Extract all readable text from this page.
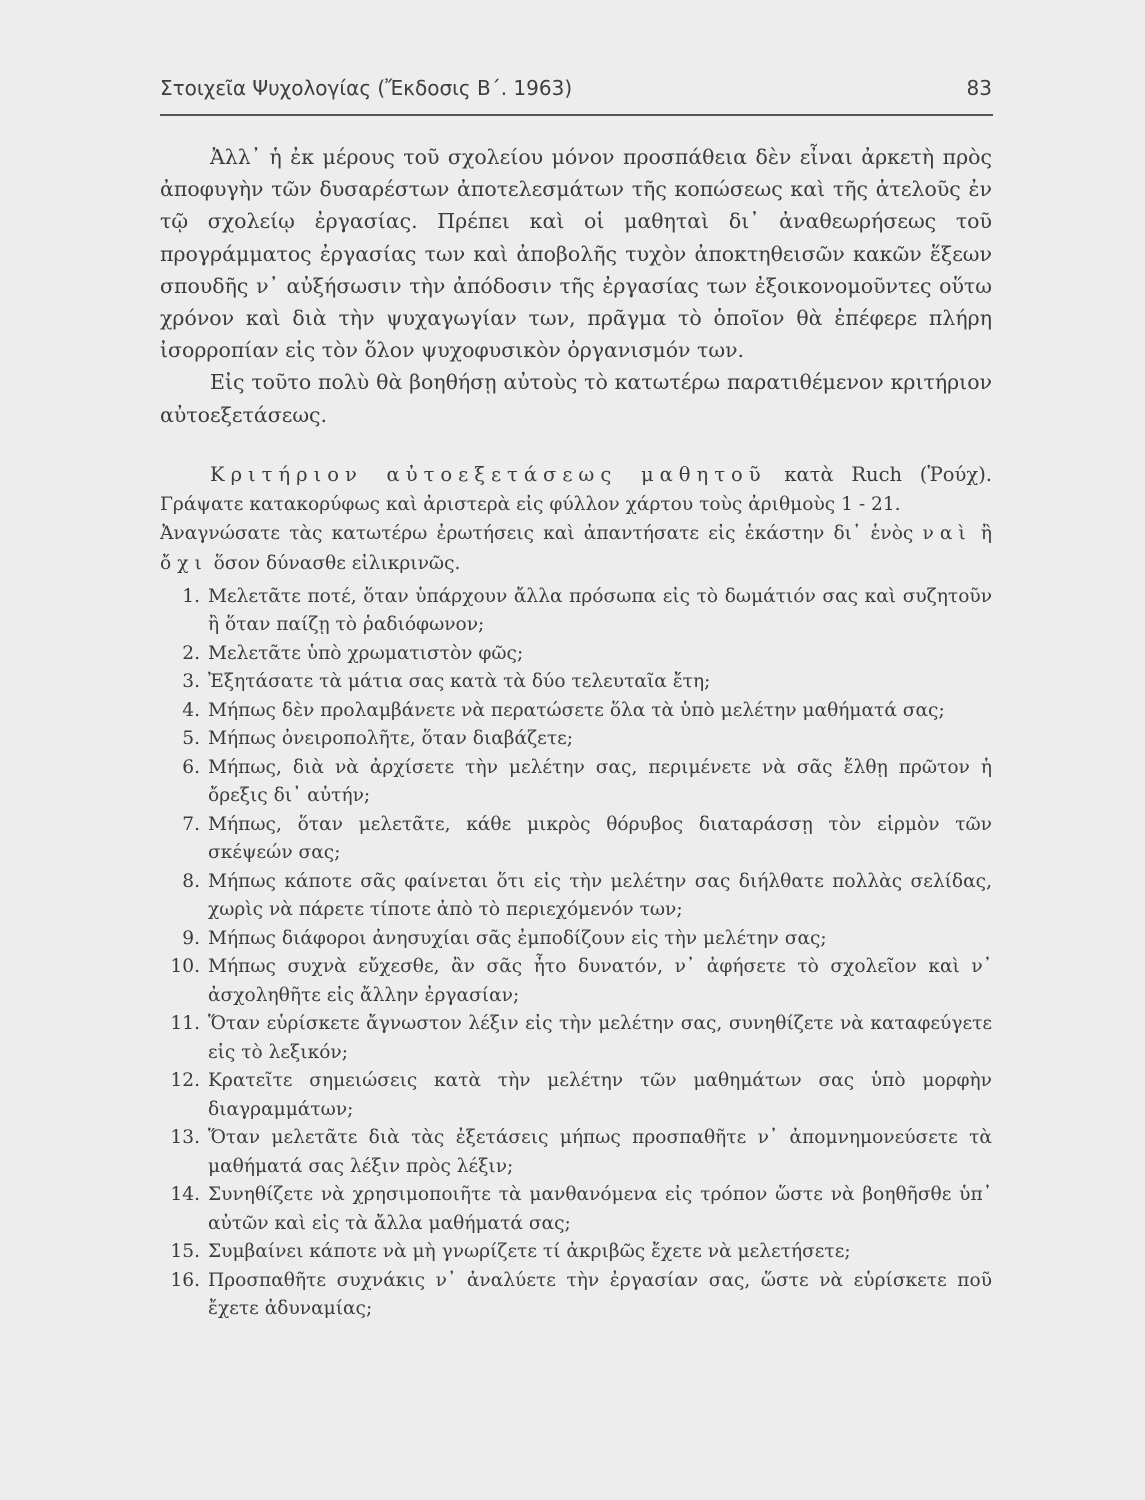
Στοιχεῖα Ψυχολογίας (Ἔκδοσις Β΄. 1963)	83

Ἀλλ᾽ ἡ ἐκ μέρους τοῦ σχολείου μόνον προσπάθεια δὲν εἶναι ἀρκετὴ πρὸς ἀποφυγὴν τῶν δυσαρέστων ἀποτελεσμάτων τῆς κοπώσεως καὶ τῆς ἀτελοῦς ἐν τῷ σχολείῳ ἐργασίας. Πρέπει καὶ οἱ μαθηταὶ δι᾽ ἀναθεωρήσεως τοῦ προγράμματος ἐργασίας των καὶ ἀποβολῆς τυχὸν ἀποκτηθεισῶν κακῶν ἕξεων σπουδῆς ν᾽ αὐξήσωσιν τὴν ἀπόδοσιν τῆς ἐργασίας των ἐξοικονομοῦντες οὕτω χρόνον καὶ διὰ τὴν ψυχαγωγίαν των, πρᾶγμα τὸ ὁποῖον θὰ ἐπέφερε πλήρη ἰσορροπίαν εἰς τὸν ὅλον ψυχοφυσικὸν ὀργανισμόν των.

Εἰς τοῦτο πολὺ θὰ βοηθήσῃ αὐτοὺς τὸ κατωτέρω παρατιθέμενον κριτήριον αὐτοεξετάσεως.

Κριτήριον αὐτοεξετάσεως μαθητοῦ κατὰ Ruch (Ῥούχ).

Γράψατε κατακορύφως καὶ ἀριστερὰ εἰς φύλλον χάρτου τοὺς ἀριθμοὺς 1 - 21.

Ἀναγνώσατε τὰς κατωτέρω ἐρωτήσεις καὶ ἀπαντήσατε εἰς ἑκάστην δι᾽ ἑνὸς ναὶ ἢ ὄχι ὅσον δύνασθε εἰλικρινῶς.

1. Μελετᾶτε ποτέ, ὅταν ὑπάρχουν ἄλλα πρόσωπα εἰς τὸ δωμάτιόν σας καὶ συζητοῦν ἢ ὅταν παίζῃ τὸ ῥαδιόφωνον;
2. Μελετᾶτε ὑπὸ χρωματιστὸν φῶς;
3. Ἐξητάσατε τὰ μάτια σας κατὰ τὰ δύο τελευταῖα ἔτη;
4. Μήπως δὲν προλαμβάνετε νὰ περατώσετε ὅλα τὰ ὑπὸ μελέτην μαθήματά σας;
5. Μήπως ὀνειροπολῆτε, ὅταν διαβάζετε;
6. Μήπως, διὰ νὰ ἀρχίσετε τὴν μελέτην σας, περιμένετε νὰ σᾶς ἔλθῃ πρῶτον ἡ ὄρεξις δι᾽ αὐτήν;
7. Μήπως, ὅταν μελετᾶτε, κάθε μικρὸς θόρυβος διαταράσσῃ τὸν εἱρμὸν τῶν σκέψεών σας;
8. Μήπως κάποτε σᾶς φαίνεται ὅτι εἰς τὴν μελέτην σας διήλθατε πολλὰς σελίδας, χωρὶς νὰ πάρετε τίποτε ἀπὸ τὸ περιεχόμενόν των;
9. Μήπως διάφοροι ἀνησυχίαι σᾶς ἐμποδίζουν εἰς τὴν μελέτην σας;
10. Μήπως συχνὰ εὔχεσθε, ἂν σᾶς ἦτο δυνατόν, ν᾽ ἀφήσετε τὸ σχολεῖον καὶ ν᾽ ἀσχοληθῆτε εἰς ἄλλην ἐργασίαν;
11. Ὅταν εὑρίσκετε ἄγνωστον λέξιν εἰς τὴν μελέτην σας, συνηθίζετε νὰ καταφεύγετε εἰς τὸ λεξικόν;
12. Κρατεῖτε σημειώσεις κατὰ τὴν μελέτην τῶν μαθημάτων σας ὑπὸ μορφὴν διαγραμμάτων;
13. Ὅταν μελετᾶτε διὰ τὰς ἐξετάσεις μήπως προσπαθῆτε ν᾽ ἀπομνημονεύσετε τὰ μαθήματά σας λέξιν πρὸς λέξιν;
14. Συνηθίζετε νὰ χρησιμοποιῆτε τὰ μανθανόμενα εἰς τρόπον ὥστε νὰ βοηθῆσθε ὑπ᾽ αὐτῶν καὶ εἰς τὰ ἄλλα μαθήματά σας;
15. Συμβαίνει κάποτε νὰ μὴ γνωρίζετε τί ἀκριβῶς ἔχετε νὰ μελετήσετε;
16. Προσπαθῆτε συχνάκις ν᾽ ἀναλύετε τὴν ἐργασίαν σας, ὥστε νὰ εὑρίσκετε ποῦ ἔχετε ἀδυναμίας;
